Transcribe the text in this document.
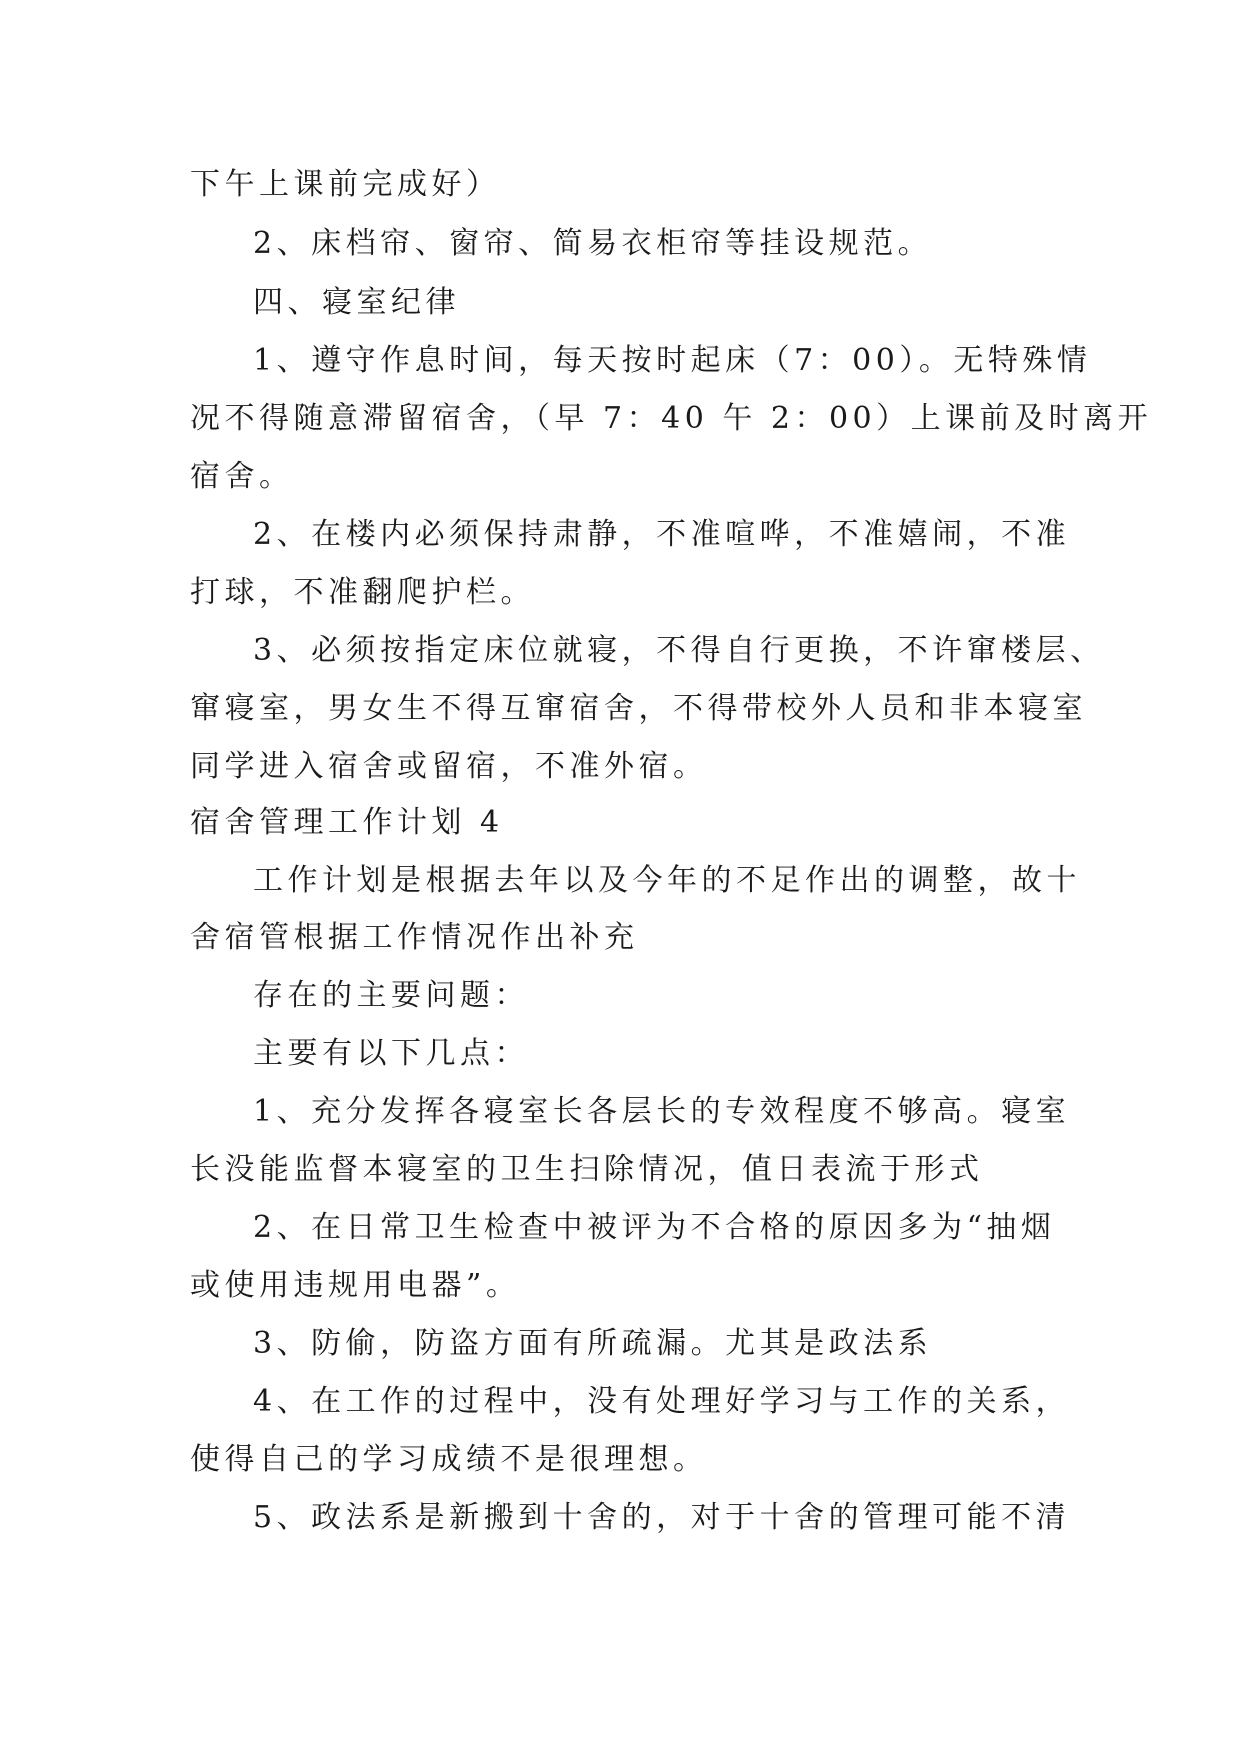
下午上课前完成好）
2、床档帘、窗帘、简易衣柜帘等挂设规范。
四、寝室纪律
1、遵守作息时间，每天按时起床（7：00）。无特殊情
况不得随意滞留宿舍，（早 7：40 午 2：00）上课前及时离开
宿舍。
2、在楼内必须保持肃静，不准喧哗，不准嬉闹，不准
打球，不准翻爬护栏。
3、必须按指定床位就寝，不得自行更换，不许窜楼层、
窜寝室，男女生不得互窜宿舍，不得带校外人员和非本寝室
同学进入宿舍或留宿，不准外宿。
宿舍管理工作计划 4
工作计划是根据去年以及今年的不足作出的调整，故十
舍宿管根据工作情况作出补充
存在的主要问题：
主要有以下几点：
1、充分发挥各寝室长各层长的专效程度不够高。寝室
长没能监督本寝室的卫生扫除情况，值日表流于形式
2、在日常卫生检查中被评为不合格的原因多为“抽烟
或使用违规用电器”。
3、防偷，防盗方面有所疏漏。尤其是政法系
4、在工作的过程中，没有处理好学习与工作的关系，
使得自己的学习成绩不是很理想。
5、政法系是新搬到十舍的，对于十舍的管理可能不清
